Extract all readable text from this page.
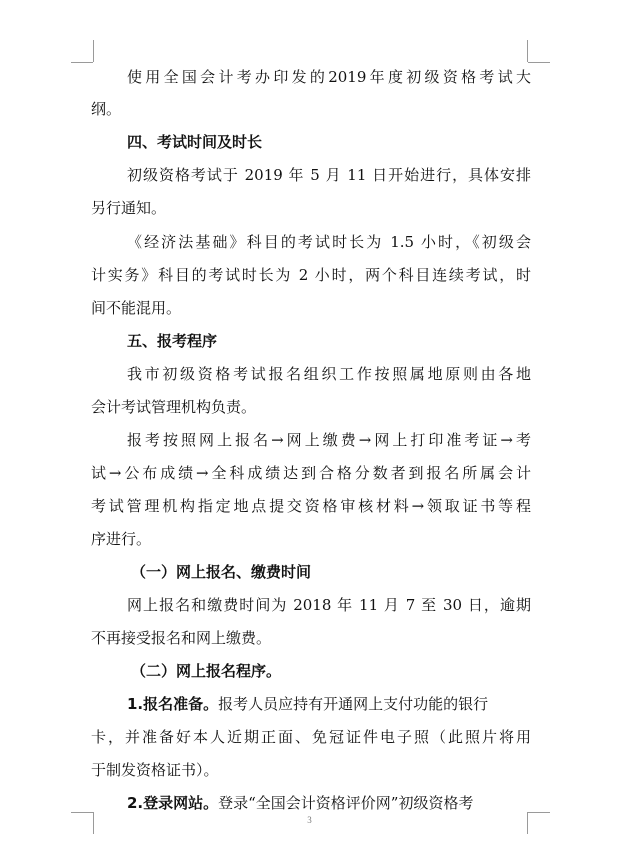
使用全国会计考办印发的2019年度初级资格考试大
纲。
四、考试时间及时长
初级资格考试于 2019 年 5 月 11 日开始进行，具体安排
另行通知。
《经济法基础》科目的考试时长为 1.5 小时，《初级会
计实务》科目的考试时长为 2 小时，两个科目连续考试，时
间不能混用。
五、报考程序
我市初级资格考试报名组织工作按照属地原则由各地
会计考试管理机构负责。
报考按照网上报名→网上缴费→网上打印准考证→考
试→公布成绩→全科成绩达到合格分数者到报名所属会计
考试管理机构指定地点提交资格审核材料→领取证书等程
序进行。
（一）网上报名、缴费时间
网上报名和缴费时间为 2018 年 11 月 7 至 30 日，逾期
不再接受报名和网上缴费。
（二）网上报名程序。
1.报名准备。报考人员应持有开通网上支付功能的银行
卡，并准备好本人近期正面、免冠证件电子照（此照片将用
于制发资格证书）。
2.登录网站。登录“全国会计资格评价网”初级资格考
3
